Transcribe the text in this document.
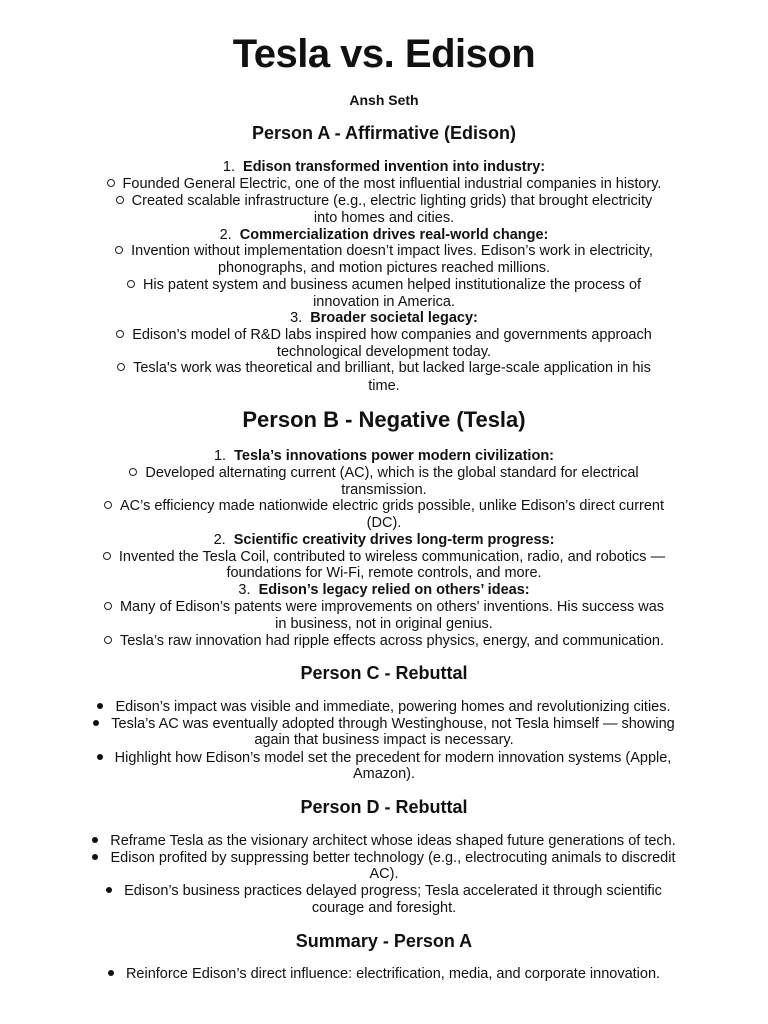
Tesla vs. Edison
Ansh Seth
Person A - Affirmative (Edison)
1. Edison transformed invention into industry:
Founded General Electric, one of the most influential industrial companies in history.
Created scalable infrastructure (e.g., electric lighting grids) that brought electricity
into homes and cities.
2. Commercialization drives real-world change:
Invention without implementation doesn’t impact lives. Edison’s work in electricity,
phonographs, and motion pictures reached millions.
His patent system and business acumen helped institutionalize the process of
innovation in America.
3. Broader societal legacy:
Edison’s model of R&D labs inspired how companies and governments approach
technological development today.
Tesla's work was theoretical and brilliant, but lacked large-scale application in his
time.
Person B - Negative (Tesla)
1. Tesla’s innovations power modern civilization:
Developed alternating current (AC), which is the global standard for electrical
transmission.
AC’s efficiency made nationwide electric grids possible, unlike Edison’s direct current
(DC).
2. Scientific creativity drives long-term progress:
Invented the Tesla Coil, contributed to wireless communication, radio, and robotics —
foundations for Wi-Fi, remote controls, and more.
3. Edison’s legacy relied on others’ ideas:
Many of Edison’s patents were improvements on others' inventions. His success was
in business, not in original genius.
Tesla’s raw innovation had ripple effects across physics, energy, and communication.
Person C - Rebuttal
Edison’s impact was visible and immediate, powering homes and revolutionizing cities.
Tesla’s AC was eventually adopted through Westinghouse, not Tesla himself — showing
again that business impact is necessary.
Highlight how Edison’s model set the precedent for modern innovation systems (Apple,
Amazon).
Person D - Rebuttal
Reframe Tesla as the visionary architect whose ideas shaped future generations of tech.
Edison profited by suppressing better technology (e.g., electrocuting animals to discredit
AC).
Edison’s business practices delayed progress; Tesla accelerated it through scientific
courage and foresight.
Summary - Person A
Reinforce Edison’s direct influence: electrification, media, and corporate innovation.
